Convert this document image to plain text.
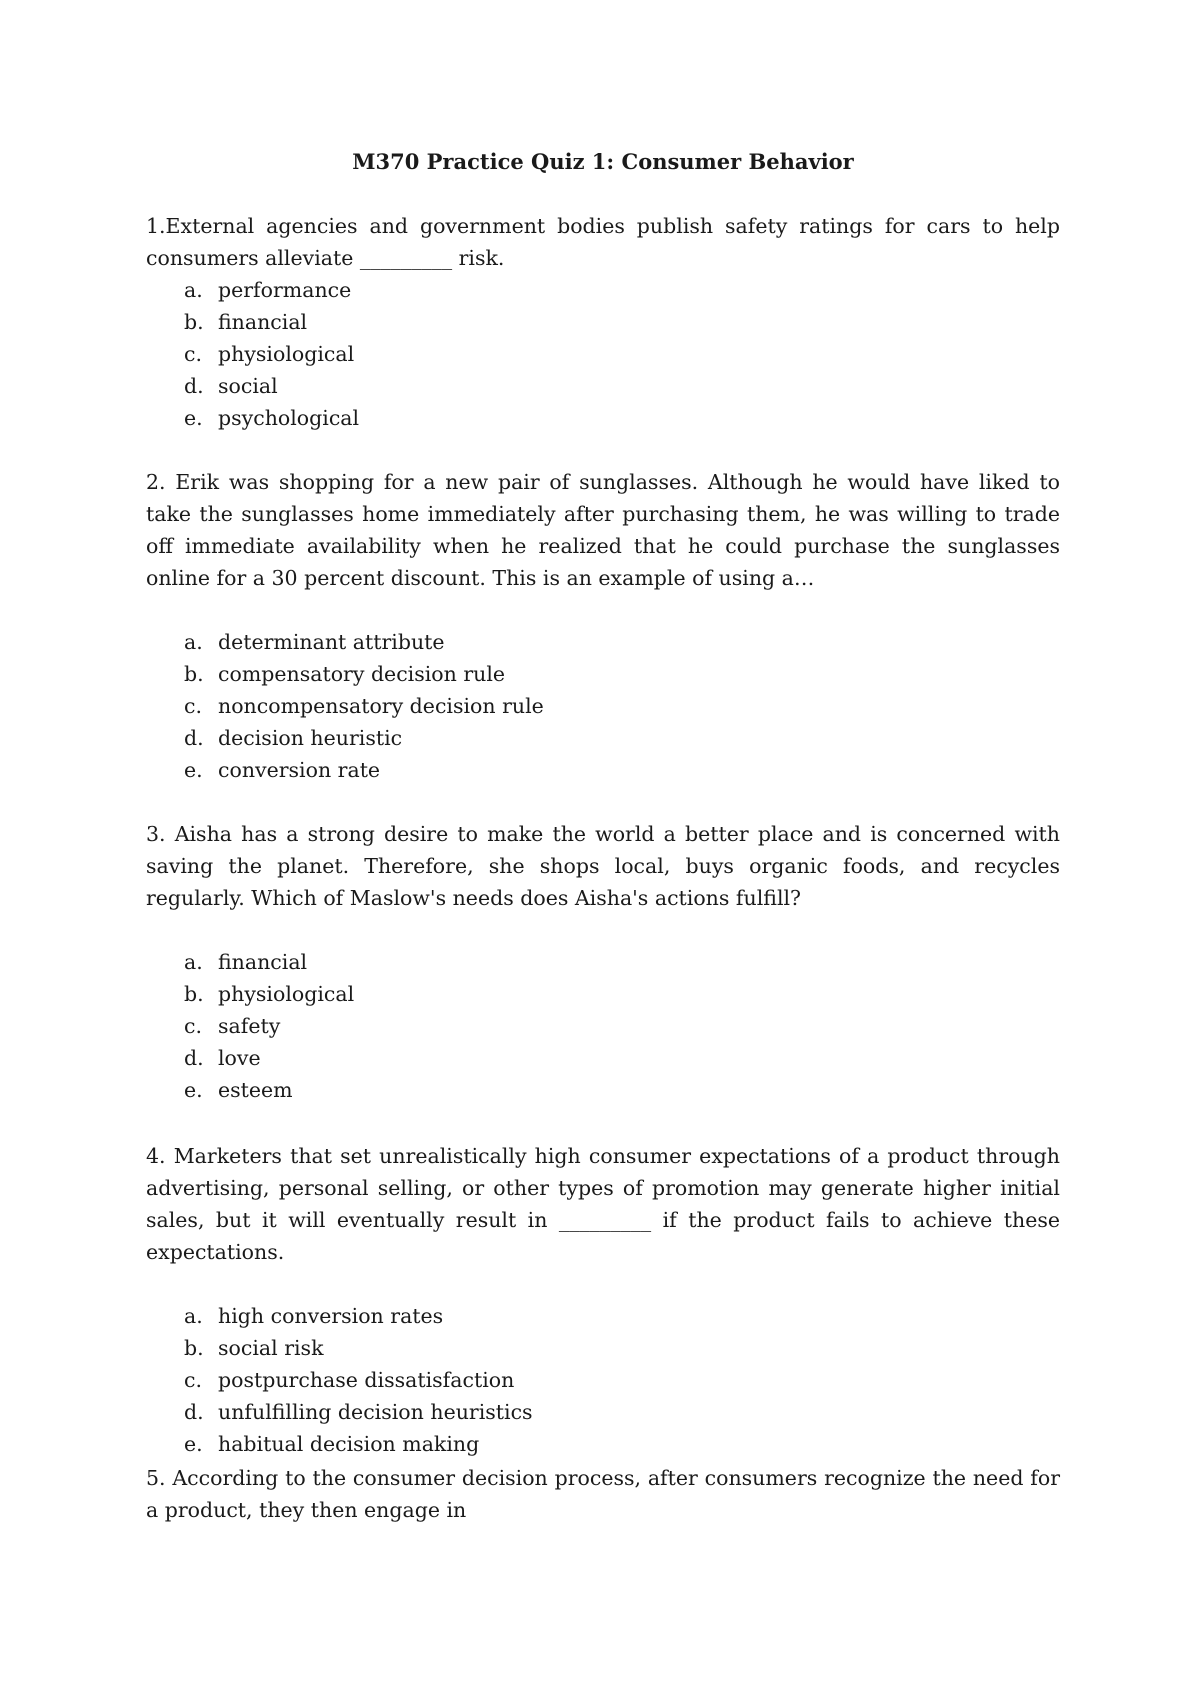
M370 Practice Quiz 1: Consumer Behavior

1.External agencies and government bodies publish safety ratings for cars to help consumers alleviate _________ risk.

a. performance
b. financial
c. physiological
d. social
e. psychological

2. Erik was shopping for a new pair of sunglasses. Although he would have liked to take the sunglasses home immediately after purchasing them, he was willing to trade off immediate availability when he realized that he could purchase the sunglasses online for a 30 percent discount. This is an example of using a…

a. determinant attribute
b. compensatory decision rule
c. noncompensatory decision rule
d. decision heuristic
e. conversion rate

3. Aisha has a strong desire to make the world a better place and is concerned with saving the planet. Therefore, she shops local, buys organic foods, and recycles regularly. Which of Maslow's needs does Aisha's actions fulfill?

a. financial
b. physiological
c. safety
d. love
e. esteem

4. Marketers that set unrealistically high consumer expectations of a product through advertising, personal selling, or other types of promotion may generate higher initial sales, but it will eventually result in _________ if the product fails to achieve these expectations.

a. high conversion rates
b. social risk
c. postpurchase dissatisfaction
d. unfulfilling decision heuristics
e. habitual decision making

5. According to the consumer decision process, after consumers recognize the need for a product, they then engage in
